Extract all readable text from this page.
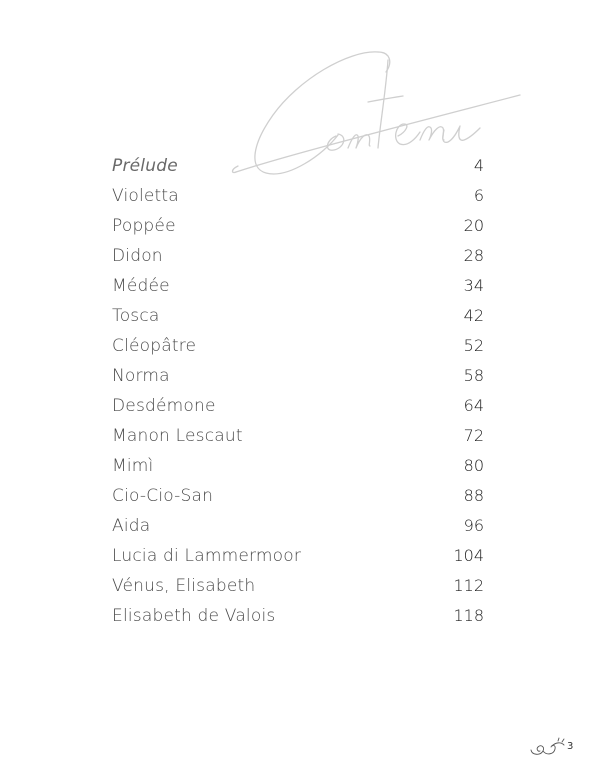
Prélude	4
Violetta	6
Poppée	20
Didon	28
Médée	34
Tosca	42
Cléopâtre	52
Norma	58
Desdémone	64
Manon Lescaut	72
Mimì	80
Cio-Cio-San	88
Aida	96
Lucia di Lammermoor	104
Vénus, Elisabeth	112
Elisabeth de Valois	118
3
